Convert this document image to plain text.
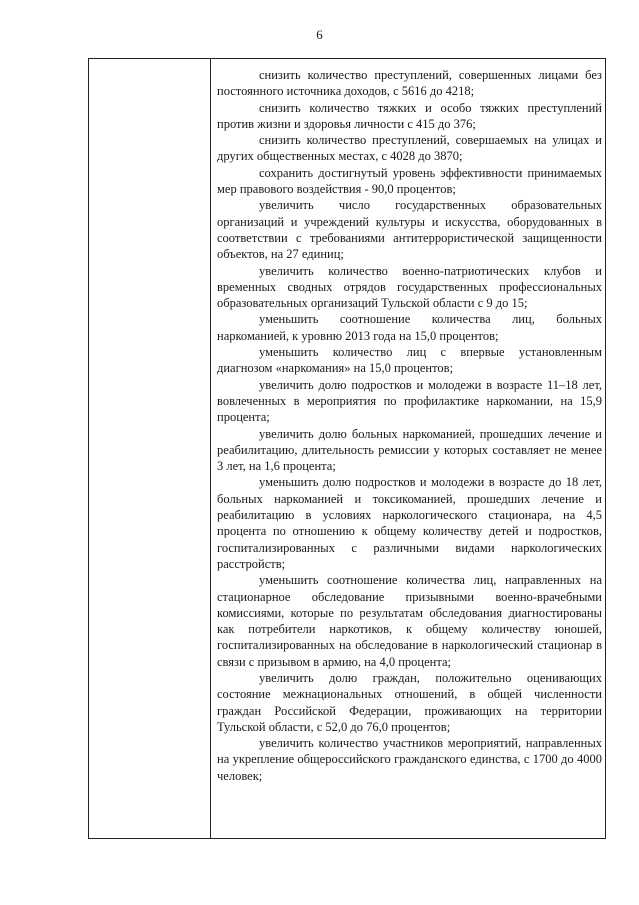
6

снизить количество преступлений, совершенных лицами без постоянного источника доходов, с 5616 до 4218;

снизить количество тяжких и особо тяжких преступлений против жизни и здоровья личности с 415 до 376;

снизить количество преступлений, совершаемых на улицах и других общественных местах, с 4028 до 3870;

сохранить достигнутый уровень эффективности принимаемых мер правового воздействия - 90,0 процентов;

увеличить число государственных образовательных организаций и учреждений культуры и искусства, оборудованных в соответствии с требованиями антитеррористической защищенности объектов, на 27 единиц;

увеличить количество военно-патриотических клубов и временных сводных отрядов государственных профессиональных образовательных организаций Тульской области с 9 до 15;

уменьшить соотношение количества лиц, больных наркоманией, к уровню 2013 года на 15,0 процентов;

уменьшить количество лиц с впервые установленным диагнозом «наркомания» на 15,0 процентов;

увеличить долю подростков и молодежи в возрасте 11–18 лет, вовлеченных в мероприятия по профилактике наркомании, на 15,9 процента;

увеличить долю больных наркоманией, прошедших лечение и реабилитацию, длительность ремиссии у которых составляет не менее 3 лет, на 1,6 процента;

уменьшить долю подростков и молодежи в возрасте до 18 лет, больных наркоманией и токсикоманией, прошедших лечение и реабилитацию в условиях наркологического стационара, на 4,5 процента по отношению к общему количеству детей и подростков, госпитализированных с различными видами наркологических расстройств;

уменьшить соотношение количества лиц, направленных на стационарное обследование призывными военно-врачебными комиссиями, которые по результатам обследования диагностированы как потребители наркотиков, к общему количеству юношей, госпитализированных на обследование в наркологический стационар в связи с призывом в армию, на 4,0 процента;

увеличить долю граждан, положительно оценивающих состояние межнациональных отношений, в общей численности граждан Российской Федерации, проживающих на территории Тульской области, с 52,0 до 76,0 процентов;

увеличить количество участников мероприятий, направленных на укрепление общероссийского гражданского единства, с 1700 до 4000 человек;
